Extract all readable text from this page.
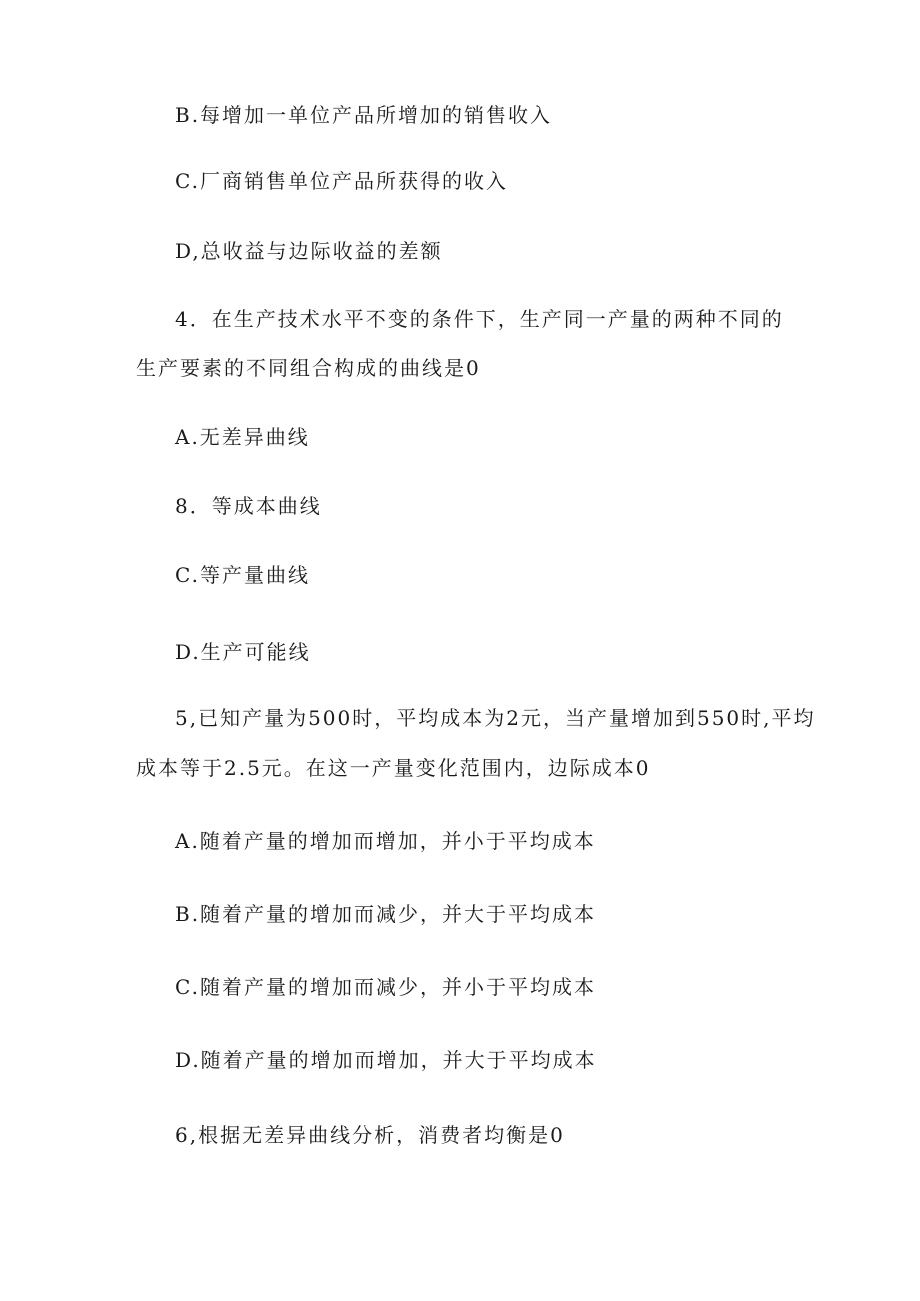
B.每增加一单位产品所增加的销售收入
C.厂商销售单位产品所获得的收入
D,总收益与边际收益的差额
4．在生产技术水平不变的条件下，生产同一产量的两种不同的
生产要素的不同组合构成的曲线是0
A.无差异曲线
8．等成本曲线
C.等产量曲线
D.生产可能线
5,已知产量为500时，平均成本为2元，当产量增加到550时,平均
成本等于2.5元。在这一产量变化范围内，边际成本0
A.随着产量的增加而增加，并小于平均成本
B.随着产量的增加而减少，并大于平均成本
C.随着产量的增加而减少，并小于平均成本
D.随着产量的增加而增加，并大于平均成本
6,根据无差异曲线分析，消费者均衡是0
